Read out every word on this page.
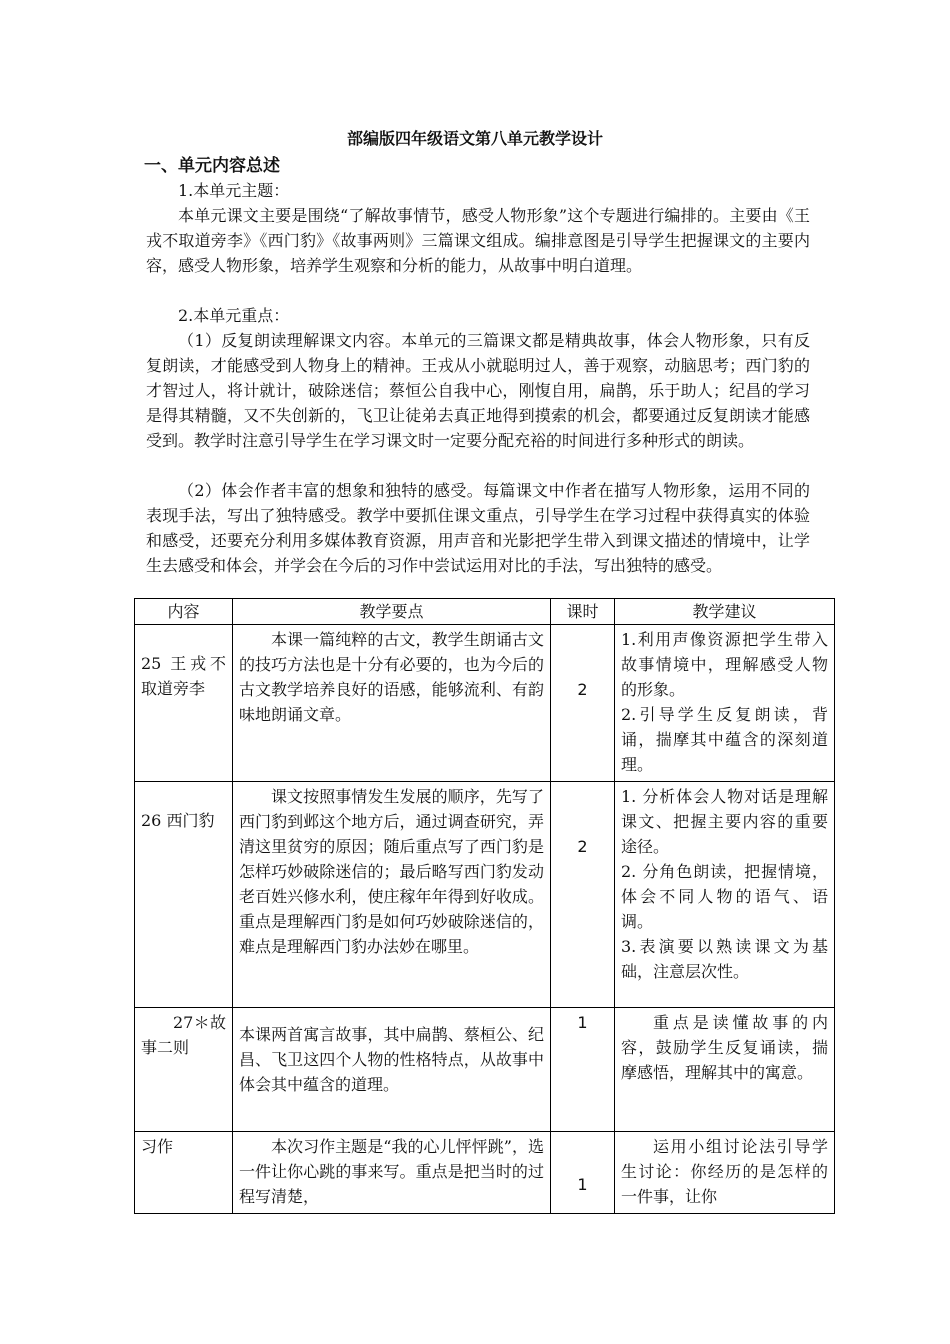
部编版四年级语文第八单元教学设计
一、单元内容总述
1.本单元主题：
本单元课文主要是围绕“了解故事情节，感受人物形象”这个专题进行编排的。主要由《王戎不取道旁李》《西门豹》《故事两则》三篇课文组成。编排意图是引导学生把握课文的主要内容，感受人物形象，培养学生观察和分析的能力，从故事中明白道理。
2.本单元重点：
（1）反复朗读理解课文内容。本单元的三篇课文都是精典故事，体会人物形象，只有反复朗读，才能感受到人物身上的精神。王戎从小就聪明过人，善于观察，动脑思考；西门豹的才智过人，将计就计，破除迷信；蔡恒公自我中心，刚愎自用，扁鹊，乐于助人；纪昌的学习是得其精髓，又不失创新的，飞卫让徒弟去真正地得到摸索的机会，都要通过反复朗读才能感受到。教学时注意引导学生在学习课文时一定要分配充裕的时间进行多种形式的朗读。
（2）体会作者丰富的想象和独特的感受。每篇课文中作者在描写人物形象，运用不同的表现手法，写出了独特感受。教学中要抓住课文重点，引导学生在学习过程中获得真实的体验和感受，还要充分利用多媒体教育资源，用声音和光影把学生带入到课文描述的情境中，让学生去感受和体会，并学会在今后的习作中尝试运用对比的手法，写出独特的感受。
内容	教学要点	课时	教学建议
25 王戎不取道旁李	本课一篇纯粹的古文，教学生朗诵古文的技巧方法也是十分有必要的，也为今后的古文教学培养良好的语感，能够流利、有韵味地朗诵文章。	2	1.利用声像资源把学生带入故事情境中，理解感受人物的形象。
2.引导学生反复朗读，背诵，揣摩其中蕴含的深刻道理。

26 西门豹	课文按照事情发生发展的顺序，先写了西门豹到邺这个地方后，通过调查研究，弄清这里贫穷的原因；随后重点写了西门豹是怎样巧妙破除迷信的；最后略写西门豹发动老百姓兴修水利，使庄稼年年得到好收成。重点是理解西门豹是如何巧妙破除迷信的，难点是理解西门豹办法妙在哪里。	2	1. 分析体会人物对话是理解课文、把握主要内容的重要途径。
2. 分角色朗读，把握情境，体会不同人物的语气、语调。
3.表演要以熟读课文为基础，注意层次性。

27＊故事二则	本课两首寓言故事，其中扁鹊、蔡桓公、纪昌、飞卫这四个人物的性格特点，从故事中体会其中蕴含的道理。	1	重点是读懂故事的内容，鼓励学生反复诵读，揣摩感悟，理解其中的寓意。
习作	本次习作主题是“我的心儿怦怦跳”，选一件让你心跳的事来写。重点是把当时的过程写清楚，	1	运用小组讨论法引导学生讨论：你经历的是怎样的一件事，让你
